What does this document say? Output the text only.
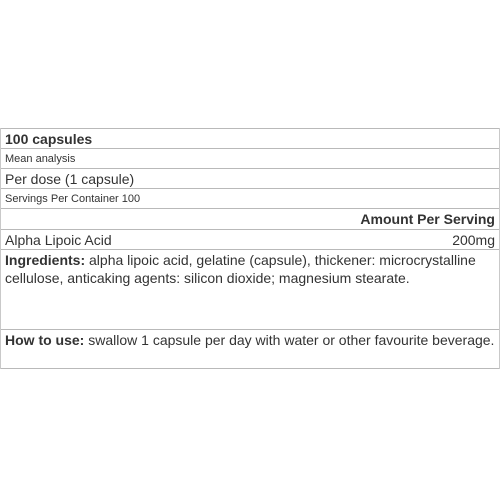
100 capsules
Mean analysis
Per dose (1 capsule)
Servings Per Container 100
Amount Per Serving
Alpha Lipoic Acid	200mg
Ingredients: alpha lipoic acid, gelatine (capsule), thickener: microcrystalline cellulose, anticaking agents: silicon dioxide; magnesium stearate.
How to use: swallow 1 capsule per day with water or other favourite beverage.
